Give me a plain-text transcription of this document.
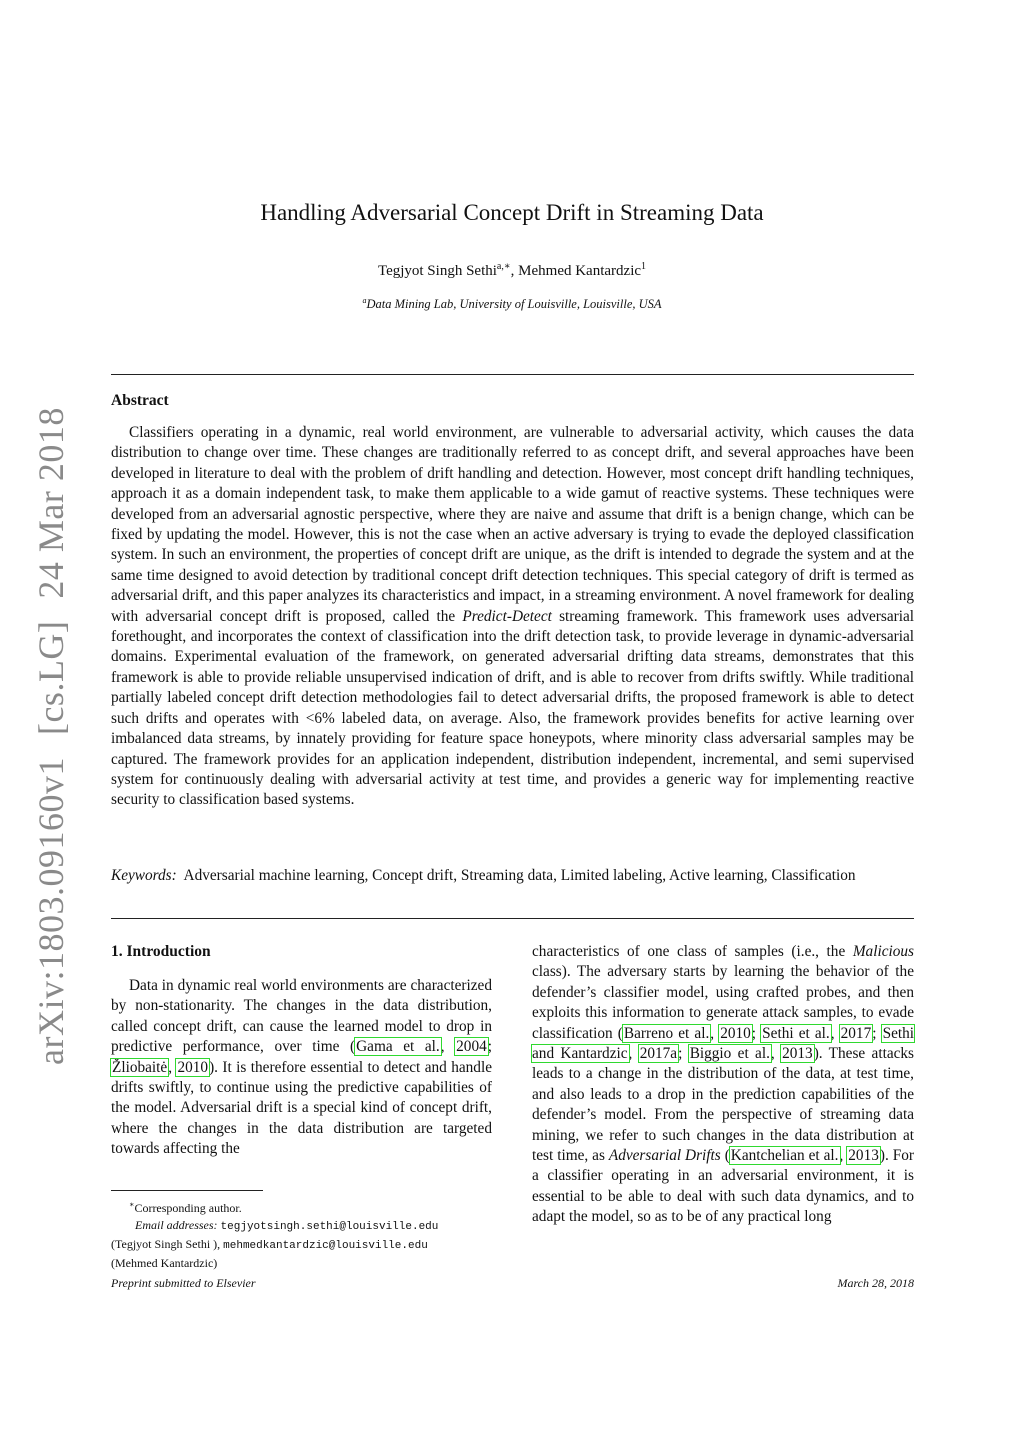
arXiv:1803.09160v1[cs.LG]24 Mar 2018
Handling Adversarial Concept Drift in Streaming Data
Tegjyot Singh Sethi$^{a,∗}$, Mehmed Kantardzic$^1$
$^a$Data Mining Lab, University of Louisville, Louisville, USA
Abstract
Classifiers operating in a dynamic, real world environment, are vulnerable to adversarial activity, which causes the data distribution to change over time. These changes are traditionally referred to as concept drift, and several approaches have been developed in literature to deal with the problem of drift handling and detection. However, most concept drift handling techniques, approach it as a domain independent task, to make them applicable to a wide gamut of reactive systems. These techniques were developed from an adversarial agnostic perspective, where they are naive and assume that drift is a benign change, which can be fixed by updating the model. However, this is not the case when an active adversary is trying to evade the deployed classification system. In such an environment, the properties of concept drift are unique, as the drift is intended to degrade the system and at the same time designed to avoid detection by traditional concept drift detection techniques. This special category of drift is termed as adversarial drift, and this paper analyzes its characteristics and impact, in a streaming environment. A novel framework for dealing with adversarial concept drift is proposed, called the Predict-Detect streaming framework. This framework uses adversarial forethought, and incorporates the context of classification into the drift detection task, to provide leverage in dynamic-adversarial domains. Experimental evaluation of the framework, on generated adversarial drifting data streams, demonstrates that this framework is able to provide reliable unsupervised indication of drift, and is able to recover from drifts swiftly. While traditional partially labeled concept drift detection methodologies fail to detect adversarial drifts, the proposed framework is able to detect such drifts and operates with <6% labeled data, on average. Also, the framework provides benefits for active learning over imbalanced data streams, by innately providing for feature space honeypots, where minority class adversarial samples may be captured. The framework provides for an application independent, distribution independent, incremental, and semi supervised system for continuously dealing with adversarial activity at test time, and provides a generic way for implementing reactive security to classification based systems.
Keywords: Adversarial machine learning, Concept drift, Streaming data, Limited labeling, Active learning, Classification
1. Introduction
Data in dynamic real world environments are characterized by non-stationarity. The changes in the data distribution, called concept drift, can cause the learned model to drop in predictive performance, over time (Gama et al., 2004; Žliobaitė, 2010). It is therefore essential to detect and handle drifts swiftly, to continue using the predictive capabilities of the model. Adversarial drift is a special kind of concept drift, where the changes in the data distribution are targeted towards affecting the
characteristics of one class of samples (i.e., the Malicious class). The adversary starts by learning the behavior of the defender’s classifier model, using crafted probes, and then exploits this information to generate attack samples, to evade classification (Barreno et al., 2010; Sethi et al., 2017; Sethi and Kantardzic, 2017a; Biggio et al., 2013). These attacks leads to a change in the distribution of the data, at test time, and also leads to a drop in the prediction capabilities of the defender’s model. From the perspective of streaming data mining, we refer to such changes in the data distribution at test time, as Adversarial Drifts (Kantchelian et al., 2013). For a classifier operating in an adversarial environment, it is essential to be able to deal with such data dynamics, and to adapt the model, so as to be of any practical long
∗Corresponding author.
Email addresses: tegjyotsingh.sethi@louisville.edu
(Tegjyot Singh Sethi ), mehmedkantardzic@louisville.edu
(Mehmed Kantardzic)
Preprint submitted to Elsevier	March 28, 2018
